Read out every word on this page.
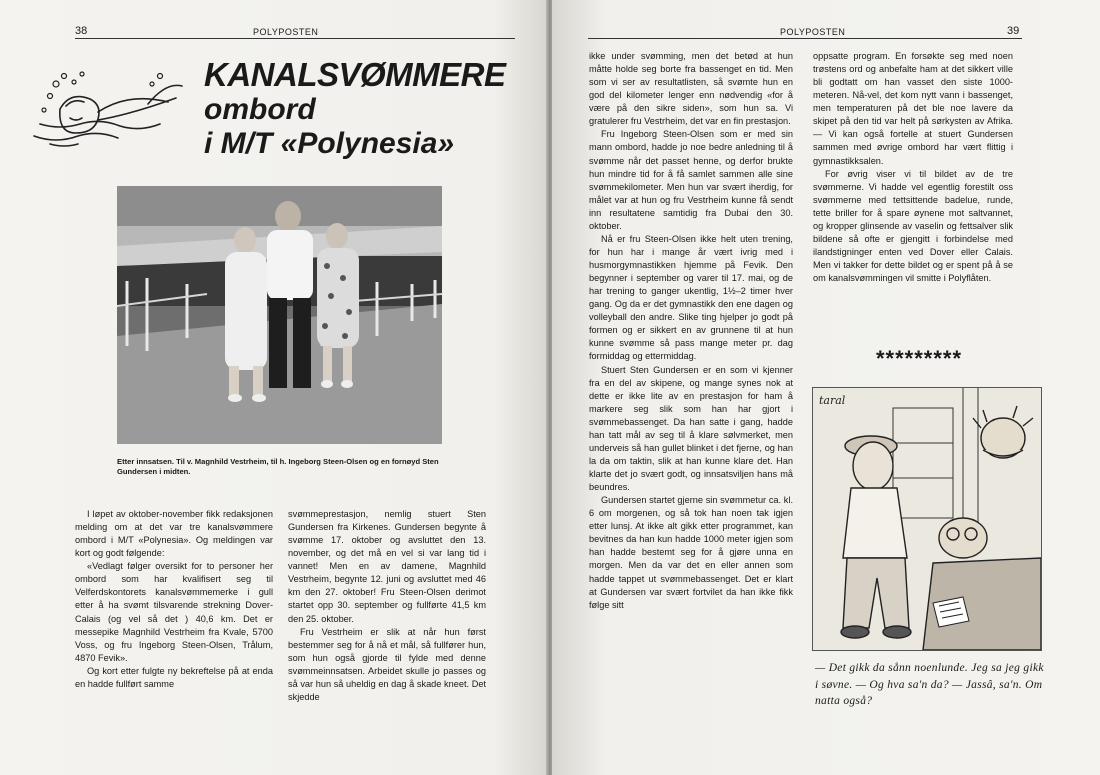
38	POLYPOSTEN
KANALSVØMMERE
ombord
i M/T «Polynesia»
Etter innsatsen. Til v. Magnhild Vestrheim, til h. Ingeborg Steen-Olsen og en fornøyd Sten Gundersen i midten.

I løpet av oktober-november fikk redaksjonen melding om at det var tre kanalsvømmere ombord i M/T «Polynesia». Og meldingen var kort og godt følgende:

«Vedlagt følger oversikt for to personer her ombord som har kvalifisert seg til Velferdskontorets kanalsvømmemerke i gull etter å ha svømt tilsvarende strekning Dover-Calais (og vel så det ) 40,6 km. Det er messepike Magnhild Vestrheim fra Kvale, 5700 Voss, og fru Ingeborg Steen-Olsen, Trålum, 4870 Fevik».

Og kort etter fulgte ny bekreftelse på at enda en hadde fullført samme

svømmeprestasjon, nemlig stuert Sten Gundersen fra Kirkenes. Gundersen begynte å svømme 17. oktober og avsluttet den 13. november, og det må en vel si var lang tid i vannet! Men en av damene, Magnhild Vestrheim, begynte 12. juni og avsluttet med 46 km den 27. oktober! Fru Steen-Olsen derimot startet opp 30. september og fullførte 41,5 km den 25. oktober.

Fru Vestrheim er slik at når hun først bestemmer seg for å nå et mål, så fullfører hun, som hun også gjorde til fylde med denne svømmeinnsatsen. Arbeidet skulle jo passes og så var hun så uheldig en dag å skade kneet. Det skjedde

POLYPOSTEN	39

ikke under svømming, men det betød at hun måtte holde seg borte fra bassenget en tid. Men som vi ser av resultatlisten, så svømte hun en god del kilometer lenger enn nødvendig «for å være på den sikre siden», som hun sa. Vi gratulerer fru Vestrheim, det var en fin prestasjon.

Fru Ingeborg Steen-Olsen som er med sin mann ombord, hadde jo noe bedre anledning til å svømme når det passet henne, og derfor brukte hun mindre tid for å få samlet sammen alle sine svømmekilometer. Men hun var svært iherdig, for målet var at hun og fru Vestrheim kunne få sendt inn resultatene samtidig fra Dubai den 30. oktober.

Nå er fru Steen-Olsen ikke helt uten trening, for hun har i mange år vært ivrig med i husmorgymnastikken hjemme på Fevik. Den begynner i september og varer til 17. mai, og de har trening to ganger ukentlig, 1½–2 timer hver gang. Og da er det gymnastikk den ene dagen og volleyball den andre. Slike ting hjelper jo godt på formen og er sikkert en av grunnene til at hun kunne svømme så pass mange meter pr. dag formiddag og ettermiddag.

Stuert Sten Gundersen er en som vi kjenner fra en del av skipene, og mange synes nok at dette er ikke lite av en prestasjon for ham å markere seg slik som han har gjort i svømmebassenget. Da han satte i gang, hadde han tatt mål av seg til å klare sølvmerket, men underveis så han gullet blinket i det fjerne, og han la da om taktin, slik at han kunne klare det. Han klarte det jo svært godt, og innsatsviljen hans må beundres.

Gundersen startet gjerne sin svømmetur ca. kl. 6 om morgenen, og så tok han noen tak igjen etter lunsj. At ikke alt gikk etter programmet, kan bevitnes da han kun hadde 1000 meter igjen som han hadde bestemt seg for å gjøre unna en morgen. Men da var det en eller annen som hadde tappet ut svømmebassenget. Det er klart at Gundersen var svært fortvilet da han ikke fikk følge sitt

oppsatte program. En forsøkte seg med noen trøstens ord og anbefalte ham at det sikkert ville bli godtatt om han vasset den siste 1000-meteren. Nå-vel, det kom nytt vann i bassenget, men temperaturen på det ble noe lavere da skipet på den tid var helt på sørkysten av Afrika. — Vi kan også fortelle at stuert Gundersen sammen med øvrige ombord har vært flittig i gymnastikksalen.

For øvrig viser vi til bildet av de tre svømmerne. Vi hadde vel egentlig forestilt oss svømmerne med tettsittende badelue, runde, tette briller for å spare øynene mot saltvannet, og kropper glinsende av vaselin og fettsalver slik bildene så ofte er gjengitt i forbindelse med ilandstigninger enten ved Dover eller Calais. Men vi takker for dette bildet og er spent på å se om kanalsvømmingen vil smitte i Polyflåten.

*********
taral
— Det gikk da sånn noenlunde. Jeg sa jeg gikk i søvne. — Og hva sa'n da? — Jassâ, sa'n. Om natta også?
